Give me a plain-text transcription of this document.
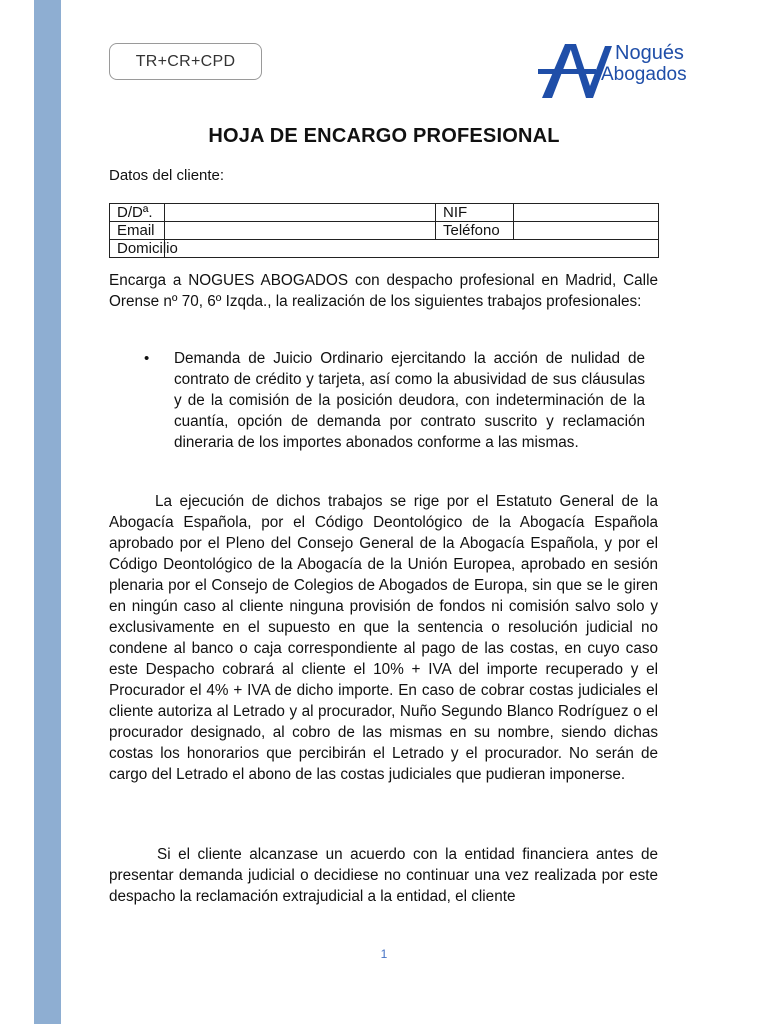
TR+CR+CPD	Nogués
Abogados
HOJA DE ENCARGO PROFESIONAL
Datos del cliente:
D/Dª.		NIF	
Email		Teléfono	
Domicilio			

Encarga a NOGUES ABOGADOS con despacho profesional en Madrid, Calle Orense nº 70, 6º Izqda., la realización de los siguientes trabajos profesionales:

• Demanda de Juicio Ordinario ejercitando la acción de nulidad de contrato de crédito y tarjeta, así como la abusividad de sus cláusulas y de la comisión de la posición deudora, con indeterminación de la cuantía, opción de demanda por contrato suscrito y reclamación dineraria de los importes abonados conforme a las mismas.

La ejecución de dichos trabajos se rige por el Estatuto General de la Abogacía Española, por el Código Deontológico de la Abogacía Española aprobado por el Pleno del Consejo General de la Abogacía Española, y por el Código Deontológico de la Abogacía de la Unión Europea, aprobado en sesión plenaria por el Consejo de Colegios de Abogados de Europa, sin que se le giren en ningún caso al cliente ninguna provisión de fondos ni comisión salvo solo y exclusivamente en el supuesto en que la sentencia o resolución judicial no condene al banco o caja correspondiente al pago de las costas, en cuyo caso este Despacho cobrará al cliente el 10% + IVA del importe recuperado y el Procurador el 4% + IVA de dicho importe. En caso de cobrar costas judiciales el cliente autoriza al Letrado y al procurador, Nuño Segundo Blanco Rodríguez o el procurador designado, al cobro de las mismas en su nombre, siendo dichas costas los honorarios que percibirán el Letrado y el procurador. No serán de cargo del Letrado el abono de las costas judiciales que pudieran imponerse.

Si el cliente alcanzase un acuerdo con la entidad financiera antes de presentar demanda judicial o decidiese no continuar una vez realizada por este despacho la reclamación extrajudicial a la entidad, el cliente

1
